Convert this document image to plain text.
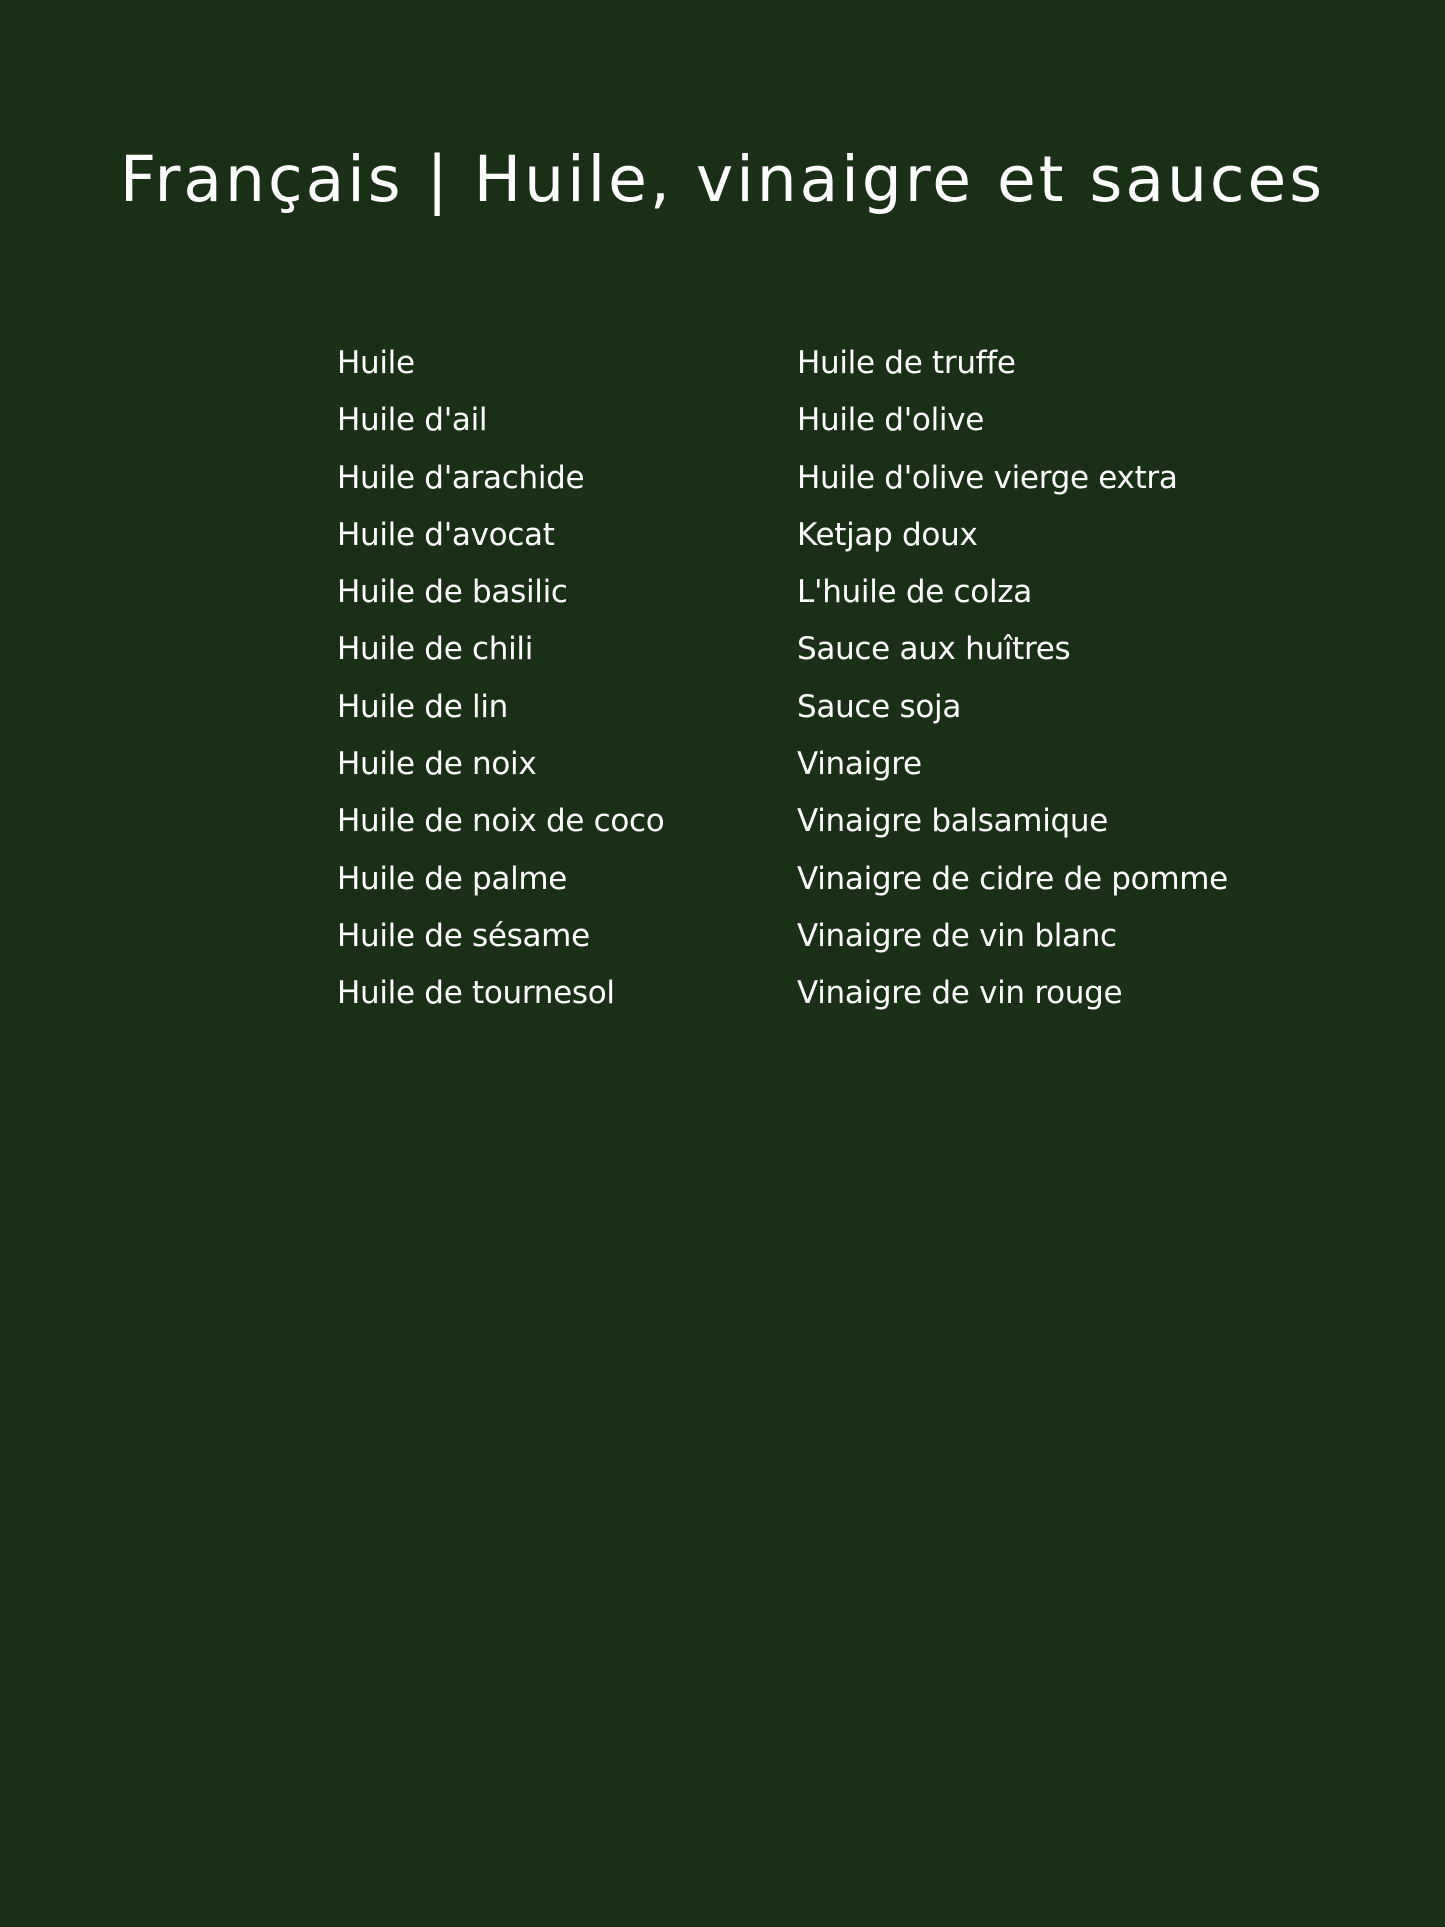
Français | Huile, vinaigre et sauces
Huile
Huile d'ail
Huile d'arachide
Huile d'avocat
Huile de basilic
Huile de chili
Huile de lin
Huile de noix
Huile de noix de coco
Huile de palme
Huile de sésame
Huile de tournesol
Huile de truffe
Huile d'olive
Huile d'olive vierge extra
Ketjap doux
L'huile de colza
Sauce aux huîtres
Sauce soja
Vinaigre
Vinaigre balsamique
Vinaigre de cidre de pomme
Vinaigre de vin blanc
Vinaigre de vin rouge
